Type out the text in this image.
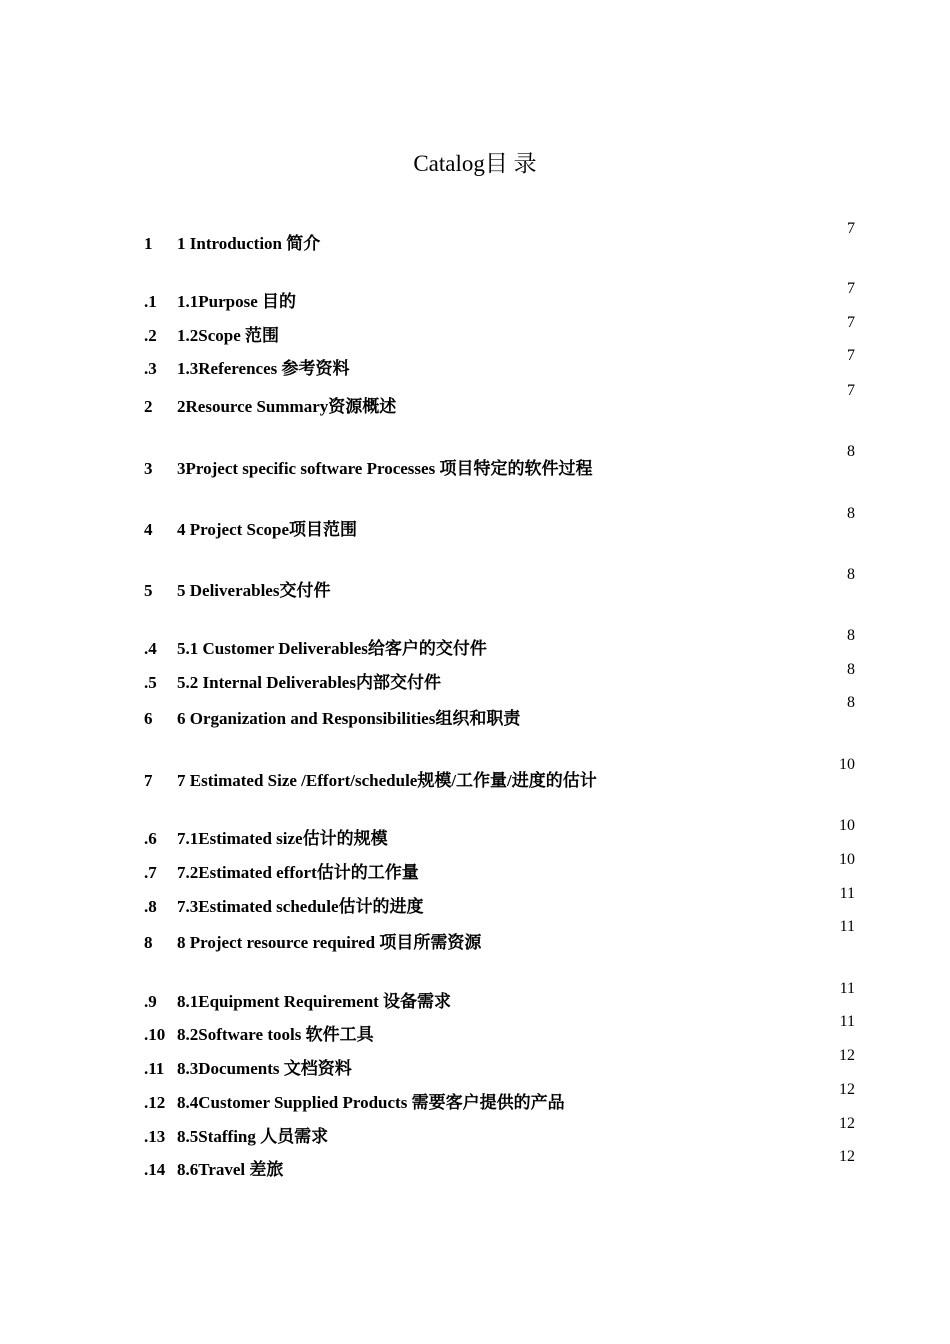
Catalog目 录
1 1 Introduction 简介
7
.1 1.1Purpose 目的
7
.2 1.2Scope 范围
7
.3 1.3References 参考资料
7
2 2Resource Summary资源概述
7
3 3Project specific software Processes 项目特定的软件过程
8
4 4 Project Scope项目范围
8
5 5 Deliverables交付件
8
.4 5.1 Customer Deliverables给客户的交付件
8
.5 5.2 Internal Deliverables内部交付件
8
6 6 Organization and Responsibilities组织和职责
8
7 7 Estimated Size /Effort/schedule规模/工作量/进度的估计
10
.6 7.1Estimated size估计的规模
10
.7 7.2Estimated effort估计的工作量
10
.8 7.3Estimated schedule估计的进度
11
8 8 Project resource required 项目所需资源
11
.9 8.1Equipment Requirement 设备需求
11
.10 8.2Software tools 软件工具
11
.11 8.3Documents 文档资料
12
.12 8.4Customer Supplied Products 需要客户提供的产品
12
.13 8.5Staffing 人员需求
12
.14 8.6Travel 差旅
12
